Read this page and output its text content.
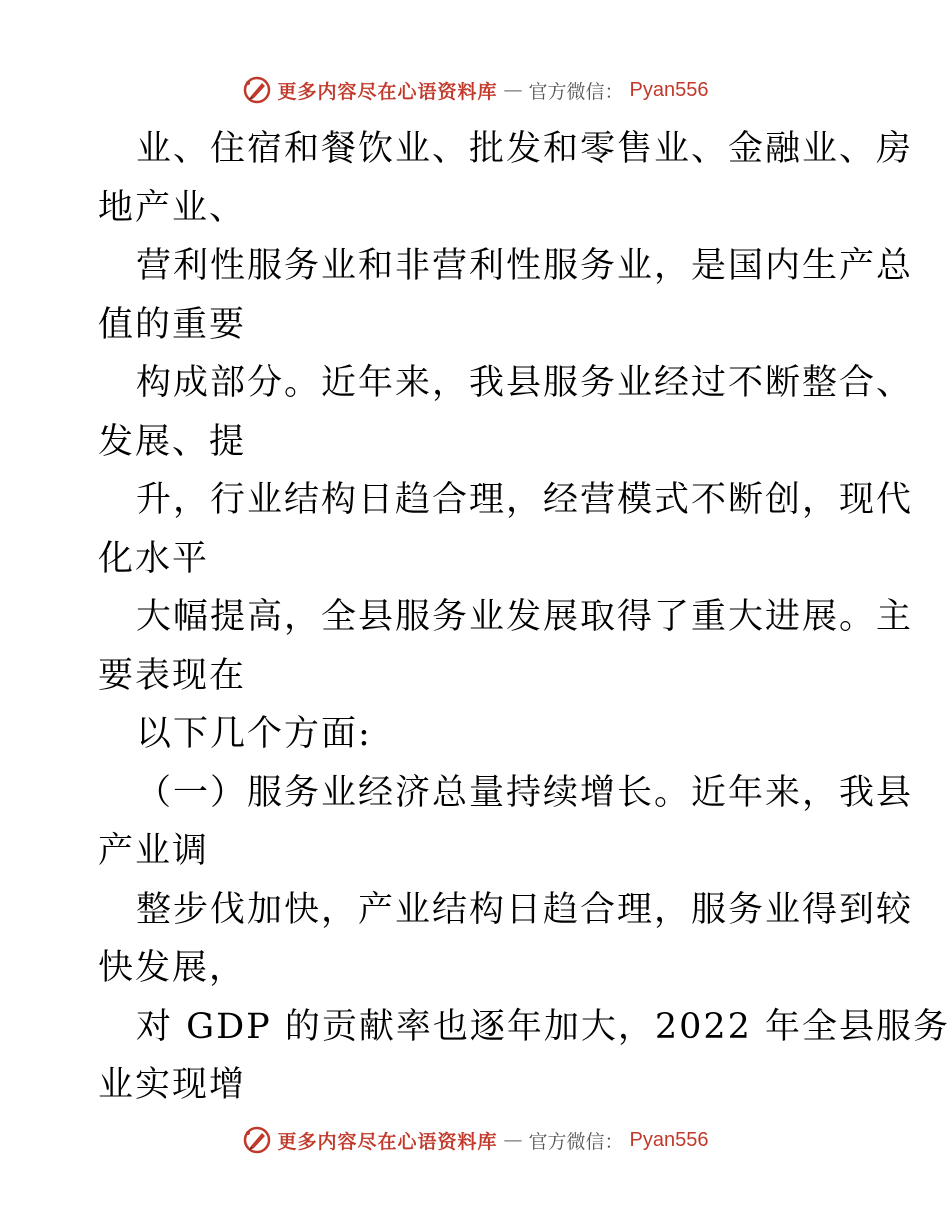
更多内容尽在心语资料库 — 官方微信： Pyan556
业、住宿和餐饮业、批发和零售业、金融业、房
地产业、
营利性服务业和非营利性服务业，是国内生产总
值的重要
构成部分。近年来，我县服务业经过不断整合、
发展、提
升，行业结构日趋合理，经营模式不断创，现代
化水平
大幅提高，全县服务业发展取得了重大进展。主
要表现在
以下几个方面:
（一）服务业经济总量持续增长。近年来，我县
产业调
整步伐加快，产业结构日趋合理，服务业得到较
快发展，
对 GDP 的贡献率也逐年加大，2022 年全县服务
业实现增
更多内容尽在心语资料库 — 官方微信： Pyan556
